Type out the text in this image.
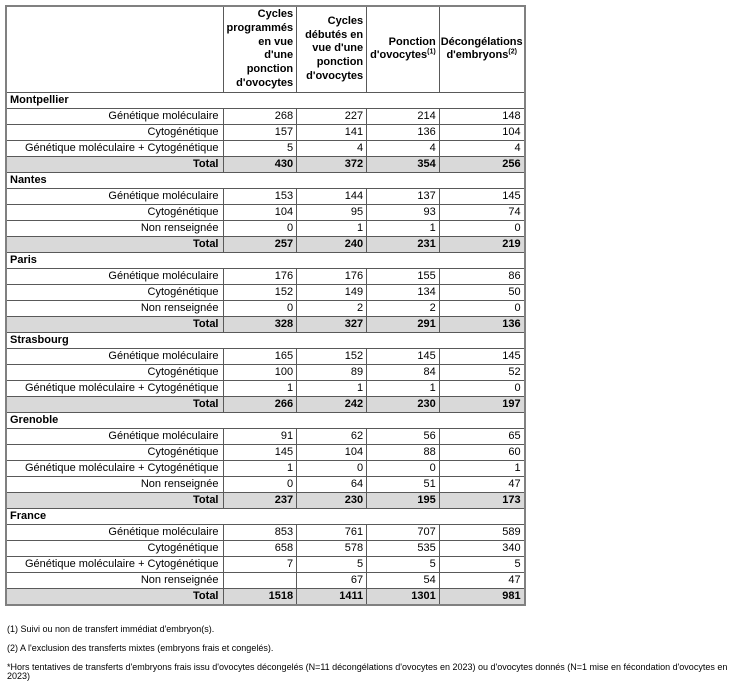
	Cycles programmés en vue d'une ponction d'ovocytes	Cycles débutés en vue d'une ponction d'ovocytes	Ponction d'ovocytes$^{(1)}$	Décongélations d'embryons$^{(2)}$
Montpellier				
Génétique moléculaire	268	227	214	148
Cytogénétique	157	141	136	104
Génétique moléculaire + Cytogénétique	5	4	4	4
Total	430	372	354	256
Nantes				
Génétique moléculaire	153	144	137	145
Cytogénétique	104	95	93	74
Non renseignée	0	1	1	0
Total	257	240	231	219
Paris				
Génétique moléculaire	176	176	155	86
Cytogénétique	152	149	134	50
Non renseignée	0	2	2	0
Total	328	327	291	136
Strasbourg				
Génétique moléculaire	165	152	145	145
Cytogénétique	100	89	84	52
Génétique moléculaire + Cytogénétique	1	1	1	0
Total	266	242	230	197
Grenoble				
Génétique moléculaire	91	62	56	65
Cytogénétique	145	104	88	60
Génétique moléculaire + Cytogénétique	1	0	0	1
Non renseignée	0	64	51	47
Total	237	230	195	173
France				
Génétique moléculaire	853	761	707	589
Cytogénétique	658	578	535	340
Génétique moléculaire + Cytogénétique	7	5	5	5
Non renseignée		67	54	47
Total	1518	1411	1301	981

(1) Suivi ou non de transfert immédiat d'embryon(s).

(2) A l'exclusion des transferts mixtes (embryons frais et congelés).

*Hors tentatives de transferts d'embryons frais issu d'ovocytes décongelés (N=11 décongélations d'ovocytes en 2023) ou d'ovocytes donnés (N=1 mise en fécondation d'ovocytes en 2023)
